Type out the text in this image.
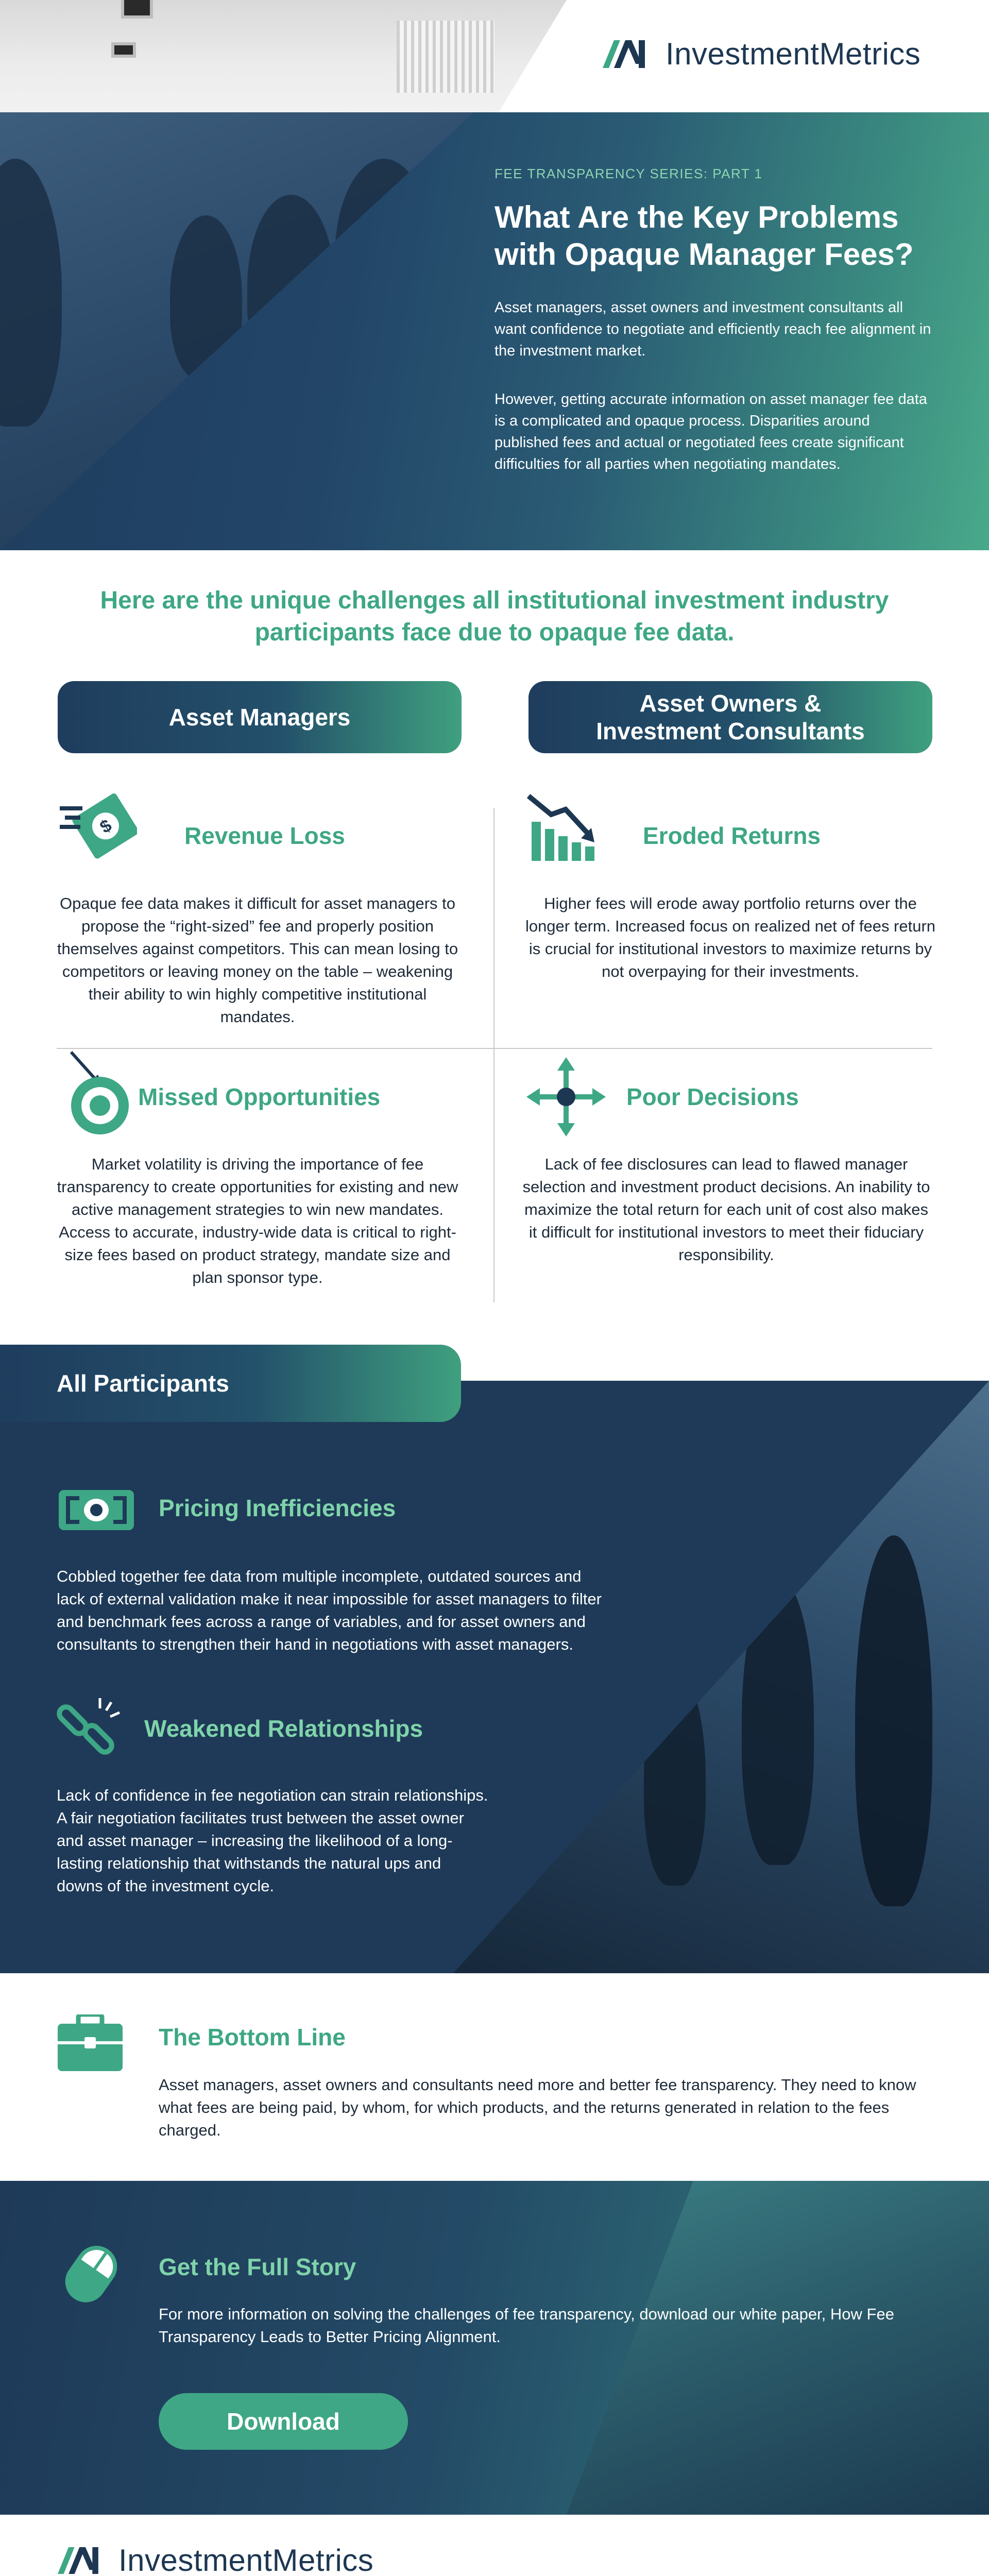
InvestmentMetrics
FEE TRANSPARENCY SERIES: PART 1
What Are the Key Problems with Opaque Manager Fees?
Asset managers, asset owners and investment consultants all want confidence to negotiate and efficiently reach fee alignment in the investment market.
However, getting accurate information on asset manager fee data is a complicated and opaque process. Disparities around published fees and actual or negotiated fees create significant difficulties for all parties when negotiating mandates.
Here are the unique challenges all institutional investment industry participants face due to opaque fee data.
Asset Managers
Asset Owners &
Investment Consultants
$	Revenue Loss
Opaque fee data makes it difficult for asset managers to propose the “right-sized” fee and properly position themselves against competitors. This can mean losing to competitors or leaving money on the table – weakening their ability to win highly competitive institutional mandates.
Eroded Returns
Higher fees will erode away portfolio returns over the longer term. Increased focus on realized net of fees return is crucial for institutional investors to maximize returns by not overpaying for their investments.
Missed Opportunities
Market volatility is driving the importance of fee transparency to create opportunities for existing and new active management strategies to win new mandates. Access to accurate, industry-wide data is critical to right-size fees based on product strategy, mandate size and plan sponsor type.
Poor Decisions
Lack of fee disclosures can lead to flawed manager selection and investment product decisions. An inability to maximize the total return for each unit of cost also makes it difficult for institutional investors to meet their fiduciary responsibility.
All Participants
Pricing Inefficiencies
Cobbled together fee data from multiple incomplete, outdated sources and
lack of external validation make it near impossible for asset managers to filter
and benchmark fees across a range of variables, and for asset owners and
consultants to strengthen their hand in negotiations with asset managers.
Weakened Relationships
Lack of confidence in fee negotiation can strain relationships.
A fair negotiation facilitates trust between the asset owner
and asset manager – increasing the likelihood of a long-
lasting relationship that withstands the natural ups and
downs of the investment cycle.
The Bottom Line
Asset managers, asset owners and consultants need more and better fee transparency. They need to know what fees are being paid, by whom, for which products, and the returns generated in relation to the fees charged.
Get the Full Story
For more information on solving the challenges of fee transparency, download our white paper, How Fee Transparency Leads to Better Pricing Alignment.
Download
InvestmentMetrics
